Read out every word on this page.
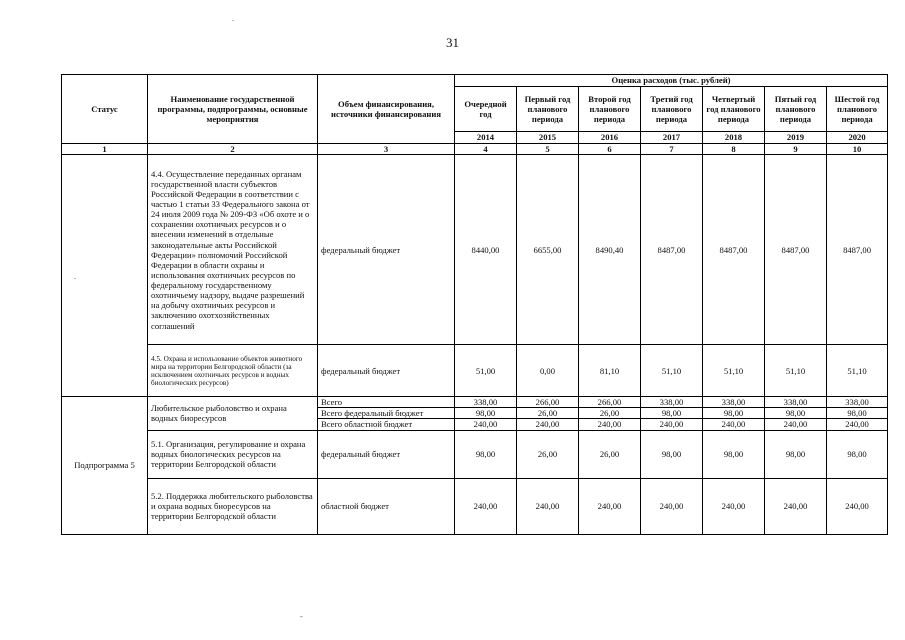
31
.
.
-
Статус	Наименование государственной программы, подпрограммы, основные мероприятия	Объем финансирования, источники финансирования	Оценка расходов (тыс. рублей)						
			Очередной год	Первый год планового периода	Второй год планового периода	Третий год планового периода	Четвертый год планового периода	Пятый год планового периода	Шестой год планового периода
			2014	2015	2016	2017	2018	2019	2020
1	2	3	4	5	6	7	8	9	10
	4.4. Осуществление переданных органам государственной власти субъектов Российской Федерации в соответствии с частью 1 статьи 33 Федерального закона от 24 июля 2009 года № 209-ФЗ «Об охоте и о сохранении охотничьих ресурсов и о внесении изменений в отдельные законодательные акты Российской Федерации» полномочий Российской Федерации в области охраны и использования охотничьих ресурсов по федеральному государственному охотничьему надзору, выдаче разрешений на добычу охотничьих ресурсов и заключению охотхозяйственных соглашений	федеральный бюджет	8440,00	6655,00	8490,40	8487,00	8487,00	8487,00	8487,00
	4.5. Охрана и использование объектов животного мира на территории Белгородской области (за исключением охотничьих ресурсов и водных биологических ресурсов)	федеральный бюджет	51,00	0,00	81,10	51,10	51,10	51,10	51,10
Подпрограмма 5	Любительское рыболовство и охрана водных биоресурсов	Всего	338,00	266,00	266,00	338,00	338,00	338,00	338,00
		Всего федеральный бюджет	98,00	26,00	26,00	98,00	98,00	98,00	98,00
		Всего областной бюджет	240,00	240,00	240,00	240,00	240,00	240,00	240,00
	5.1. Организация, регулирование и охрана водных биологических ресурсов на территории Белгородской области	федеральный бюджет	98,00	26,00	26,00	98,00	98,00	98,00	98,00
	5.2. Поддержка любительского рыболовства и охрана водных биоресурсов на территории Белгородской области	областной бюджет	240,00	240,00	240,00	240,00	240,00	240,00	240,00
